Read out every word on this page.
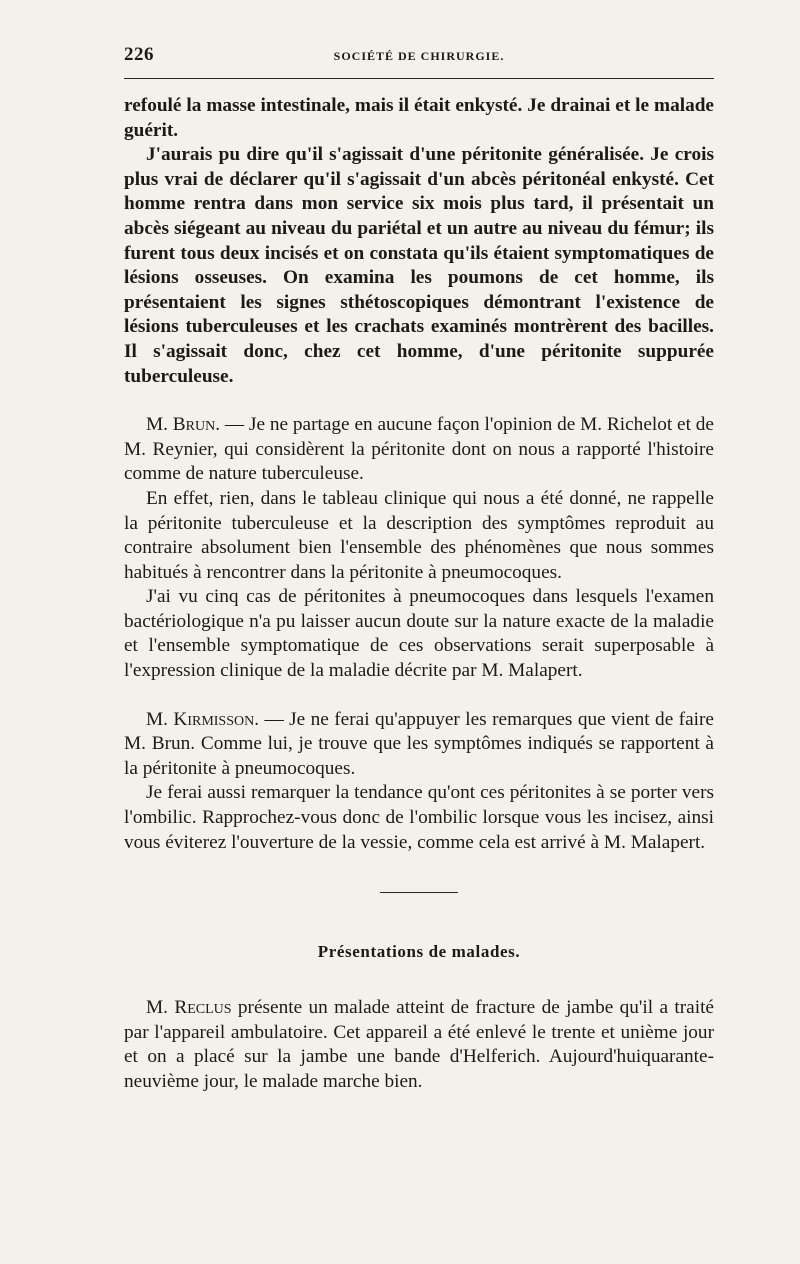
226	SOCIÉTÉ DE CHIRURGIE.

refoulé la masse intestinale, mais il était enkysté. Je drainai et le malade guérit.

J'aurais pu dire qu'il s'agissait d'une péritonite généralisée. Je crois plus vrai de déclarer qu'il s'agissait d'un abcès péritonéal enkysté. Cet homme rentra dans mon service six mois plus tard, il présentait un abcès siégeant au niveau du pariétal et un autre au niveau du fémur; ils furent tous deux incisés et on constata qu'ils étaient symptomatiques de lésions osseuses. On examina les poumons de cet homme, ils présentaient les signes sthétoscopiques démontrant l'existence de lésions tuberculeuses et les crachats examinés montrèrent des bacilles. Il s'agissait donc, chez cet homme, d'une péritonite suppurée tuberculeuse.

M. Brun. — Je ne partage en aucune façon l'opinion de M. Richelot et de M. Reynier, qui considèrent la péritonite dont on nous a rapporté l'histoire comme de nature tuberculeuse.

En effet, rien, dans le tableau clinique qui nous a été donné, ne rappelle la péritonite tuberculeuse et la description des symptômes reproduit au contraire absolument bien l'ensemble des phénomènes que nous sommes habitués à rencontrer dans la péritonite à pneumocoques.

J'ai vu cinq cas de péritonites à pneumocoques dans lesquels l'examen bactériologique n'a pu laisser aucun doute sur la nature exacte de la maladie et l'ensemble symptomatique de ces observations serait superposable à l'expression clinique de la maladie décrite par M. Malapert.

M. Kirmisson. — Je ne ferai qu'appuyer les remarques que vient de faire M. Brun. Comme lui, je trouve que les symptômes indiqués se rapportent à la péritonite à pneumocoques.

Je ferai aussi remarquer la tendance qu'ont ces péritonites à se porter vers l'ombilic. Rapprochez-vous donc de l'ombilic lorsque vous les incisez, ainsi vous éviterez l'ouverture de la vessie, comme cela est arrivé à M. Malapert.

Présentations de malades.

M. Reclus présente un malade atteint de fracture de jambe qu'il a traité par l'appareil ambulatoire. Cet appareil a été enlevé le trente et unième jour et on a placé sur la jambe une bande d'Helferich. Aujourd'huiquarante-neuvième jour, le malade marche bien.
